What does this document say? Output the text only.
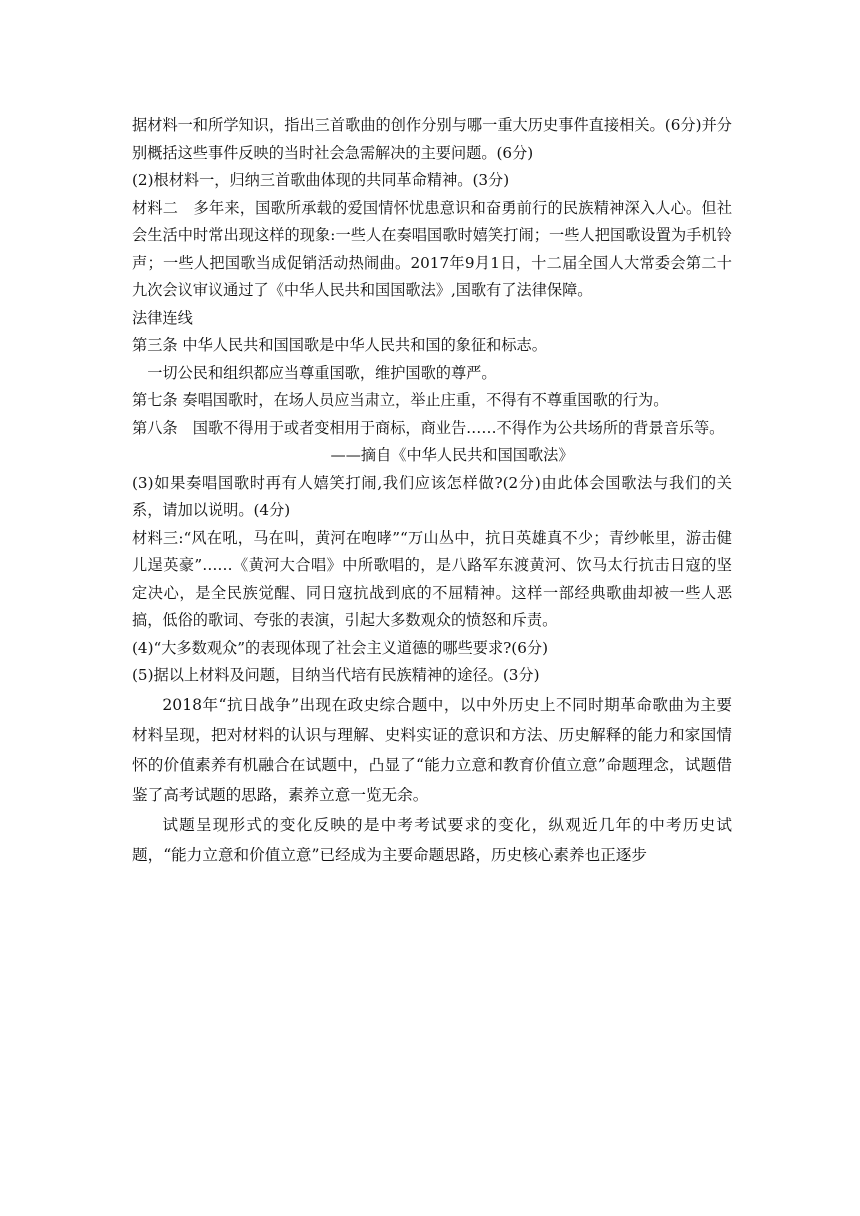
据材料一和所学知识，指出三首歌曲的创作分别与哪一重大历史事件直接相关。(6分)并分别概括这些事件反映的当时社会急需解决的主要问题。(6分)

(2)根材料一，归纳三首歌曲体现的共同革命精神。(3分)

材料二　多年来，国歌所承载的爱国情怀忧患意识和奋勇前行的民族精神深入人心。但社会生活中时常出现这样的现象:一些人在奏唱国歌时嬉笑打闹；一些人把国歌设置为手机铃声；一些人把国歌当成促销活动热闹曲。2017年9月1日，十二届全国人大常委会第二十九次会议审议通过了《中华人民共和国国歌法》,国歌有了法律保障。

法律连线

第三条 中华人民共和国国歌是中华人民共和国的象征和标志。

一切公民和组织都应当尊重国歌，维护国歌的尊严。

第七条 奏唱国歌时，在场人员应当肃立，举止庄重，不得有不尊重国歌的行为。

第八条　国歌不得用于或者变相用于商标，商业告……不得作为公共场所的背景音乐等。

——摘自《中华人民共和国国歌法》

(3)如果奏唱国歌时再有人嬉笑打闹,我们应该怎样做?(2分)由此体会国歌法与我们的关系，请加以说明。(4分)

材料三:“风在吼，马在叫，黄河在咆哮”“万山丛中，抗日英雄真不少；青纱帐里，游击健儿逞英豪”……《黄河大合唱》中所歌唱的，是八路军东渡黄河、饮马太行抗击日寇的坚定决心，是全民族觉醒、同日寇抗战到底的不屈精神。这样一部经典歌曲却被一些人恶搞，低俗的歌词、夸张的表演，引起大多数观众的愤怒和斥责。

(4)“大多数观众”的表现体现了社会主义道德的哪些要求?(6分)

(5)据以上材料及问题，目纳当代培有民族精神的途径。(3分)

2018年“抗日战争”出现在政史综合题中，以中外历史上不同时期革命歌曲为主要材料呈现，把对材料的认识与理解、史料实证的意识和方法、历史解释的能力和家国情怀的价值素养有机融合在试题中，凸显了“能力立意和教育价值立意”命题理念，试题借鉴了高考试题的思路，素养立意一览无余。

试题呈现形式的变化反映的是中考考试要求的变化，纵观近几年的中考历史试题，“能力立意和价值立意”已经成为主要命题思路，历史核心素养也正逐步
